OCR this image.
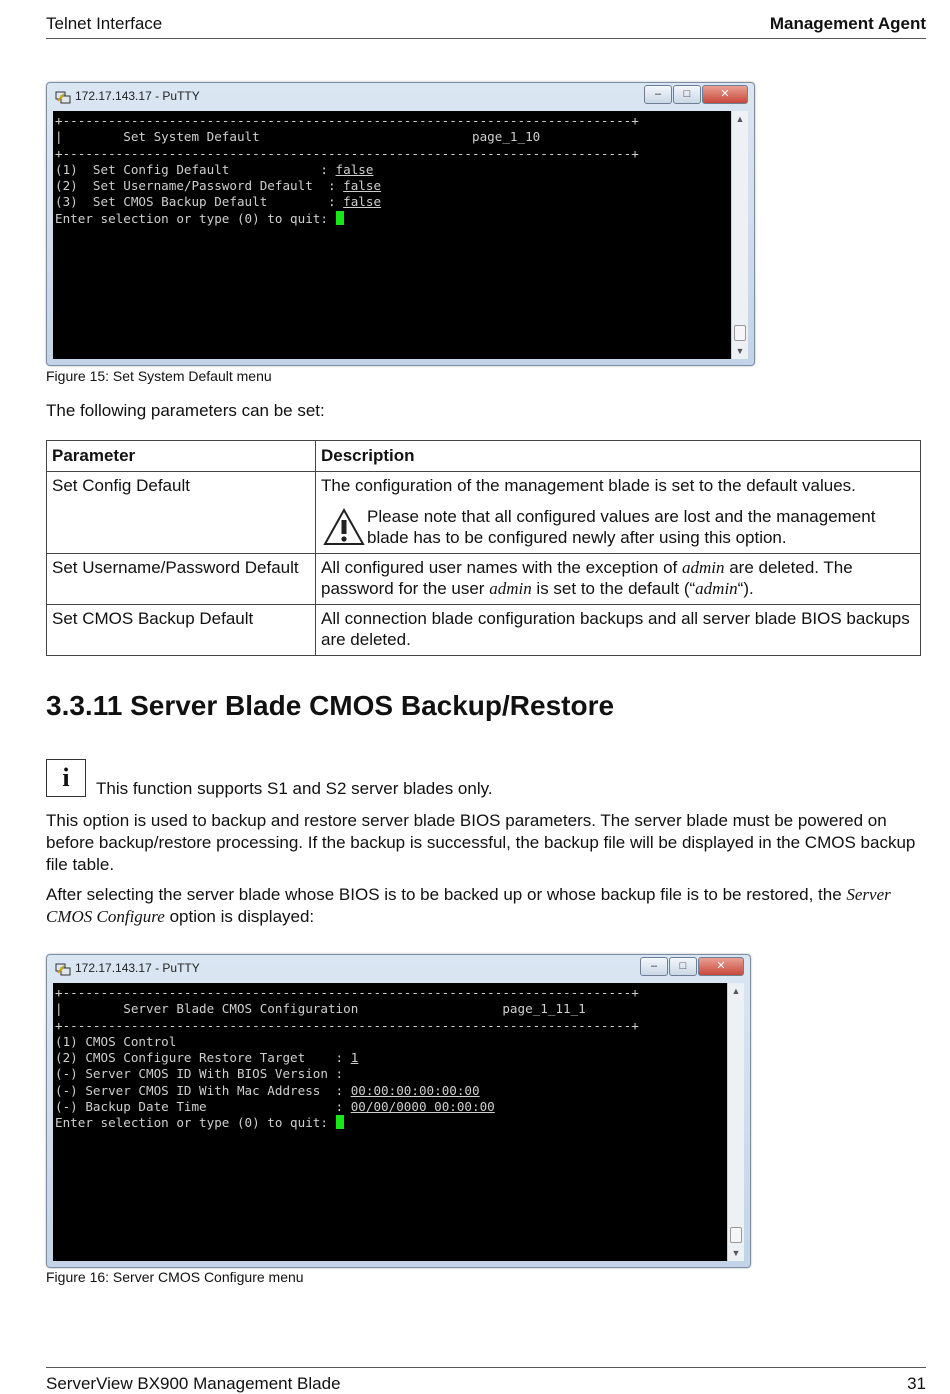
Telnet Interface	Management Agent
172.17.143.17 - PuTTY	–	□	✕
+---------------------------------------------------------------------------+
|        Set System Default                            page_1_10
+---------------------------------------------------------------------------+
(1)  Set Config Default            : false
(2)  Set Username/Password Default  : false
(3)  Set CMOS Backup Default        : false
Enter selection or type (0) to quit:
▲
▼
Figure 15: Set System Default menu
The following parameters can be set:
Parameter	Description
Set Config Default	The configuration of the management blade is set to the default values.
Please note that all configured values are lost and the management blade has to be configured newly after using this option.

Set Username/Password Default	All configured user names with the exception of admin are deleted. The password for the user admin is set to the default (“admin“).
Set CMOS Backup Default	All connection blade configuration backups and all server blade BIOS backups are deleted.
3.3.11 Server Blade CMOS Backup/Restore
i	This function supports S1 and S2 server blades only.
This option is used to backup and restore server blade BIOS parameters. The server blade must be powered on before backup/restore processing. If the backup is successful, the backup file will be displayed in the CMOS backup file table.
After selecting the server blade whose BIOS is to be backed up or whose backup file is to be restored, the Server CMOS Configure option is displayed:
172.17.143.17 - PuTTY	–	□	✕
+---------------------------------------------------------------------------+
|        Server Blade CMOS Configuration                   page_1_11_1
+---------------------------------------------------------------------------+
(1) CMOS Control
(2) CMOS Configure Restore Target    : 1
(-) Server CMOS ID With BIOS Version :
(-) Server CMOS ID With Mac Address  : 00:00:00:00:00:00
(-) Backup Date Time                 : 00/00/0000 00:00:00
Enter selection or type (0) to quit:
▲
▼
Figure 16: Server CMOS Configure menu
ServerView BX900 Management Blade	31
